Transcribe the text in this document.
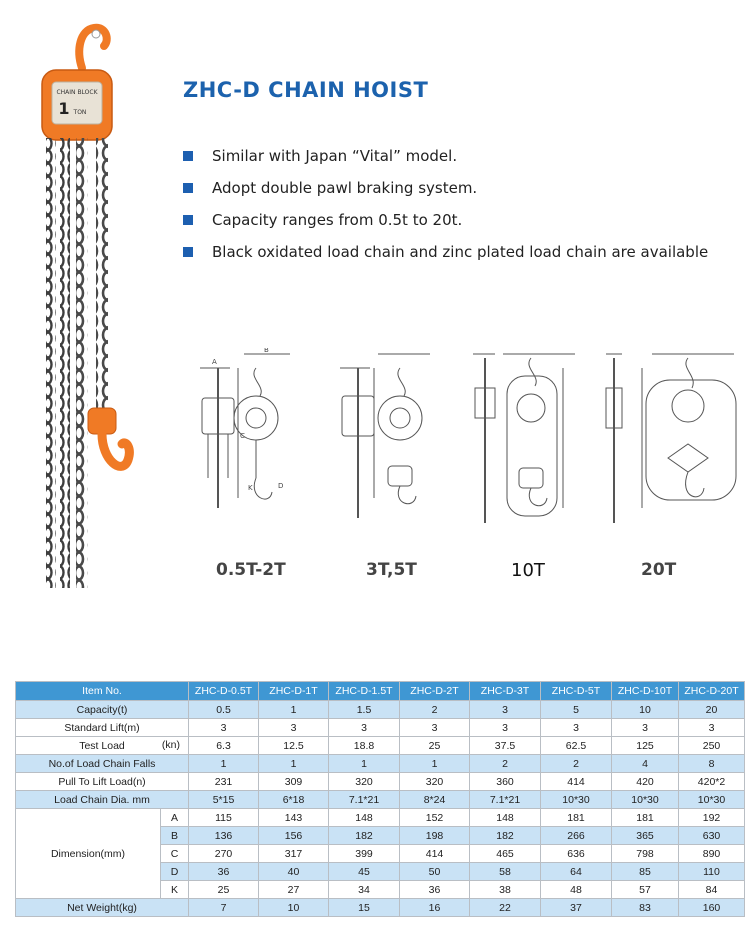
CHAIN BLOCK
1 TON
ZHC-D CHAIN HOIST
Similar with Japan “Vital” model.
Adopt double pawl braking system.
Capacity ranges from 0.5t to 20t.
Black oxidated load chain and zinc plated load chain are available
A
B
C
K	D
0.5T-2T	3T,5T	10T	20T
Item No.		ZHC-D-0.5T	ZHC-D-1T	ZHC-D-1.5T	ZHC-D-2T	ZHC-D-3T	ZHC-D-5T	ZHC-D-10T	ZHC-D-20T
Capacity(t)		0.5	1	1.5	2	3	5	10	20
Standard Lift(m)		3	3	3	3	3	3	3	3
Test Load (kn)		6.3	12.5	18.8	25	37.5	62.5	125	250
No.of Load Chain Falls		1	1	1	1	2	2	4	8
Pull To Lift Load(n)		231	309	320	320	360	414	420	420*2
Load Chain Dia. mm		5*15	6*18	7.1*21	8*24	7.1*21	10*30	10*30	10*30
Dimension(mm)	A	115	143	148	152	148	181	181	192
	B	136	156	182	198	182	266	365	630
	C	270	317	399	414	465	636	798	890
	D	36	40	45	50	58	64	85	110
	K	25	27	34	36	38	48	57	84
Net Weight(kg)		7	10	15	16	22	37	83	160
